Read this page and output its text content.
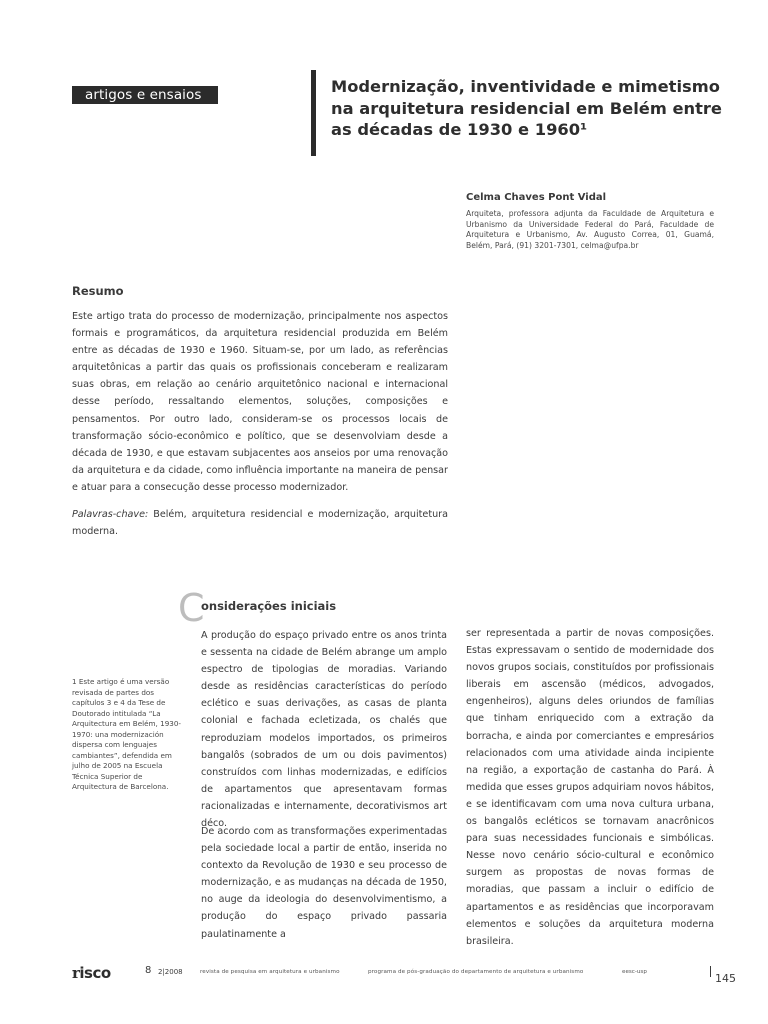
artigos e ensaios	Modernização, inventividade e mimetismo na arquitetura residencial em Belém entre as décadas de 1930 e 1960¹
Celma Chaves Pont Vidal
Arquiteta, professora adjunta da Faculdade de Arquitetura e Urbanismo da Universidade Federal do Pará, Faculdade de Arquitetura e Urbanismo, Av. Augusto Correa, 01, Guamá, Belém, Pará, (91) 3201-7301, celma@ufpa.br
Resumo

Este artigo trata do processo de modernização, principalmente nos aspectos formais e programáticos, da arquitetura residencial produzida em Belém entre as décadas de 1930 e 1960. Situam-se, por um lado, as referências arquitetônicas a partir das quais os profissionais conceberam e realizaram suas obras, em relação ao cenário arquitetônico nacional e internacional desse período, ressaltando elementos, soluções, composições e pensamentos. Por outro lado, consideram-se os processos locais de transformação sócio-econômico e político, que se desenvolviam desde a década de 1930, e que estavam subjacentes aos anseios por uma renovação da arquitetura e da cidade, como influência importante na maneira de pensar e atuar para a consecução desse processo modernizador.

Palavras-chave: Belém, arquitetura residencial e modernização, arquitetura moderna.

C
onsiderações iniciais

1 Este artigo é uma versão revisada de partes dos capítulos 3 e 4 da Tese de Doutorado intitulada “La Arquitectura em Belém, 1930-1970: una modernización dispersa com lenguajes cambiantes”, defendida em julho de 2005 na Escuela Técnica Superior de Arquitectura de Barcelona.

A produção do espaço privado entre os anos trinta e sessenta na cidade de Belém abrange um amplo espectro de tipologias de moradias. Variando desde as residências características do período eclético e suas derivações, as casas de planta colonial e fachada ecletizada, os chalés que reproduziam modelos importados, os primeiros bangalôs (sobrados de um ou dois pavimentos) construídos com linhas modernizadas, e edifícios de apartamentos que apresentavam formas racionalizadas e internamente, decorativismos art déco.

De acordo com as transformações experimentadas pela sociedade local a partir de então, inserida no contexto da Revolução de 1930 e seu processo de modernização, e as mudanças na década de 1950, no auge da ideologia do desenvolvimentismo, a produção do espaço privado passaria paulatinamente a

ser representada a partir de novas composições. Estas expressavam o sentido de modernidade dos novos grupos sociais, constituídos por profissionais liberais em ascensão (médicos, advogados, engenheiros), alguns deles oriundos de famílias que tinham enriquecido com a extração da borracha, e ainda por comerciantes e empresários relacionados com uma atividade ainda incipiente na região, a exportação de castanha do Pará. À medida que esses grupos adquiriam novos hábitos, e se identificavam com uma nova cultura urbana, os bangalôs ecléticos se tornavam anacrônicos para suas necessidades funcionais e simbólicas. Nesse novo cenário sócio-cultural e econômico surgem as propostas de novas formas de moradias, que passam a incluir o edifício de apartamentos e as residências que incorporavam elementos e soluções da arquitetura moderna brasileira.

risco	8 2|2008	revista de pesquisa em arquitetura e urbanismo	programa de pós-graduação do departamento de arquitetura e urbanismo	eesc-usp	145
